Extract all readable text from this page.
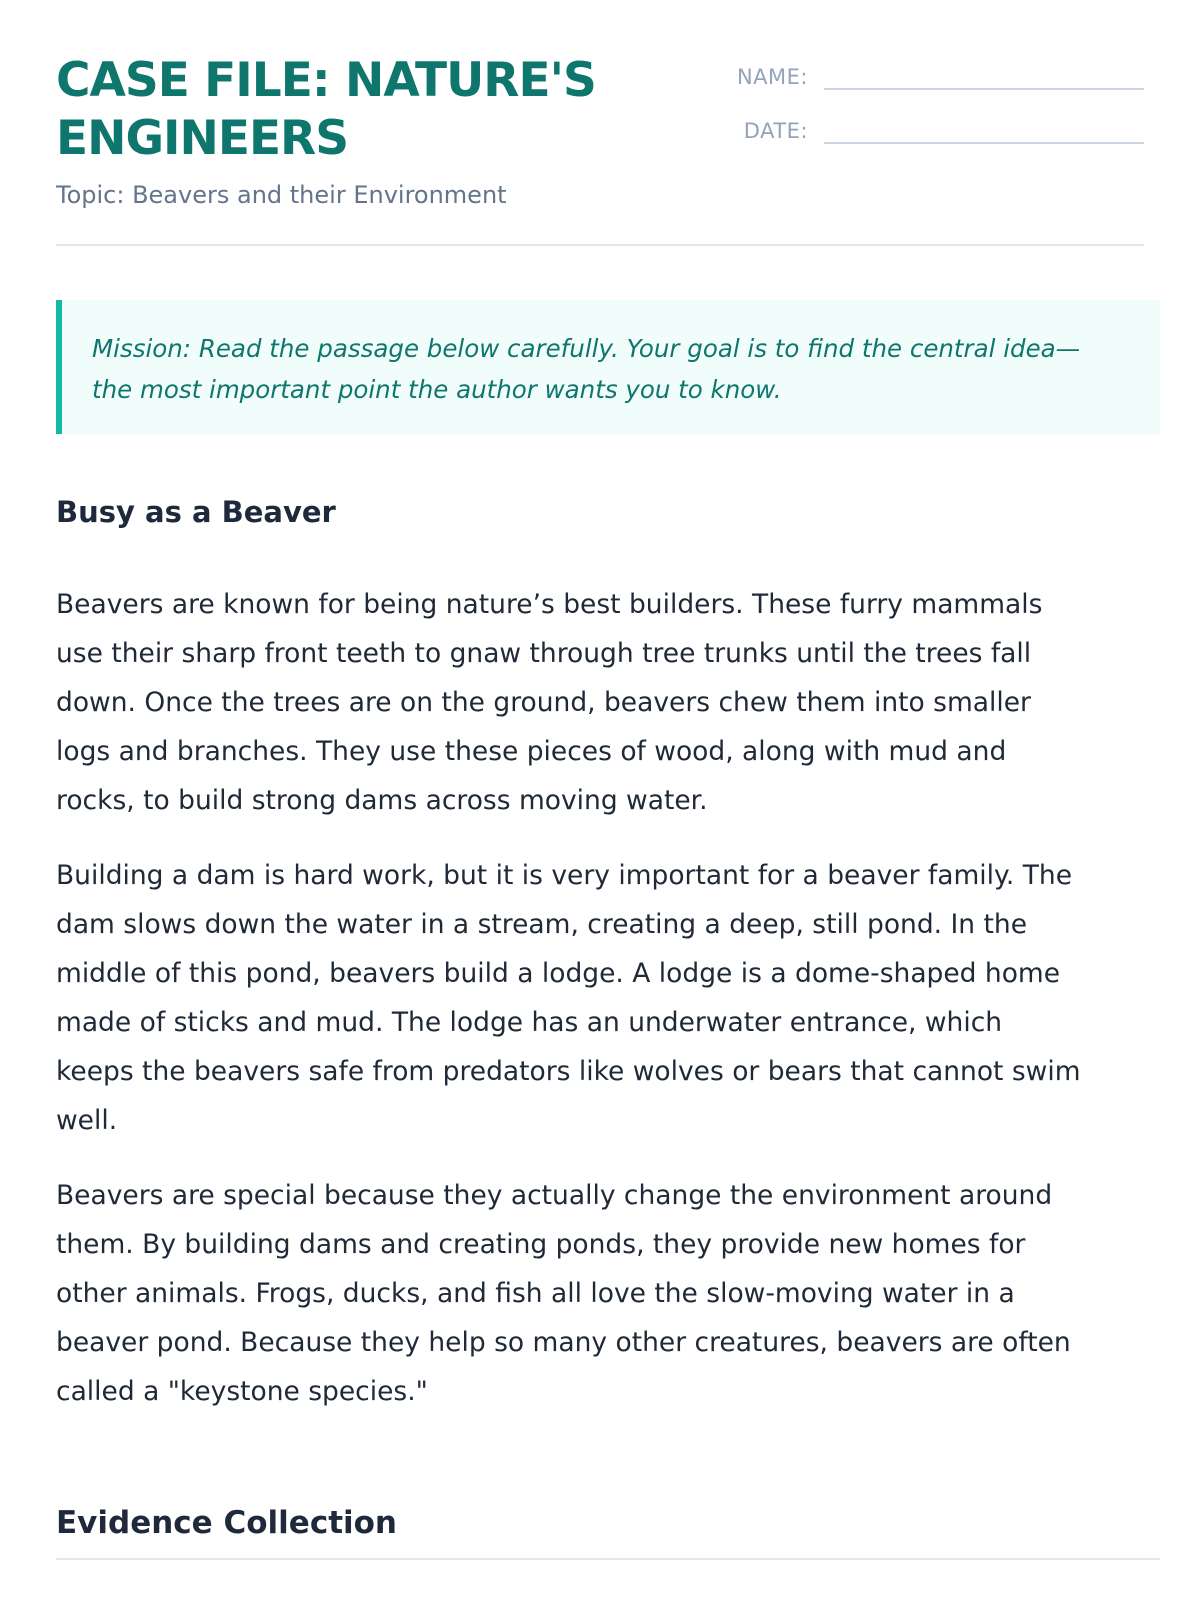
CASE FILE: NATURE'S
ENGINEERS

Topic: Beavers and their Environment

NAME:
DATE:

Mission: Read the passage below carefully. Your goal is to find the central idea—
the most important point the author wants you to know.

Busy as a Beaver

Beavers are known for being nature’s best builders. These furry mammals
use their sharp front teeth to gnaw through tree trunks until the trees fall
down. Once the trees are on the ground, beavers chew them into smaller
logs and branches. They use these pieces of wood, along with mud and
rocks, to build strong dams across moving water.

Building a dam is hard work, but it is very important for a beaver family. The
dam slows down the water in a stream, creating a deep, still pond. In the
middle of this pond, beavers build a lodge. A lodge is a dome-shaped home
made of sticks and mud. The lodge has an underwater entrance, which
keeps the beavers safe from predators like wolves or bears that cannot swim
well.

Beavers are special because they actually change the environment around
them. By building dams and creating ponds, they provide new homes for
other animals. Frogs, ducks, and fish all love the slow-moving water in a
beaver pond. Because they help so many other creatures, beavers are often
called a "keystone species."

Evidence Collection
